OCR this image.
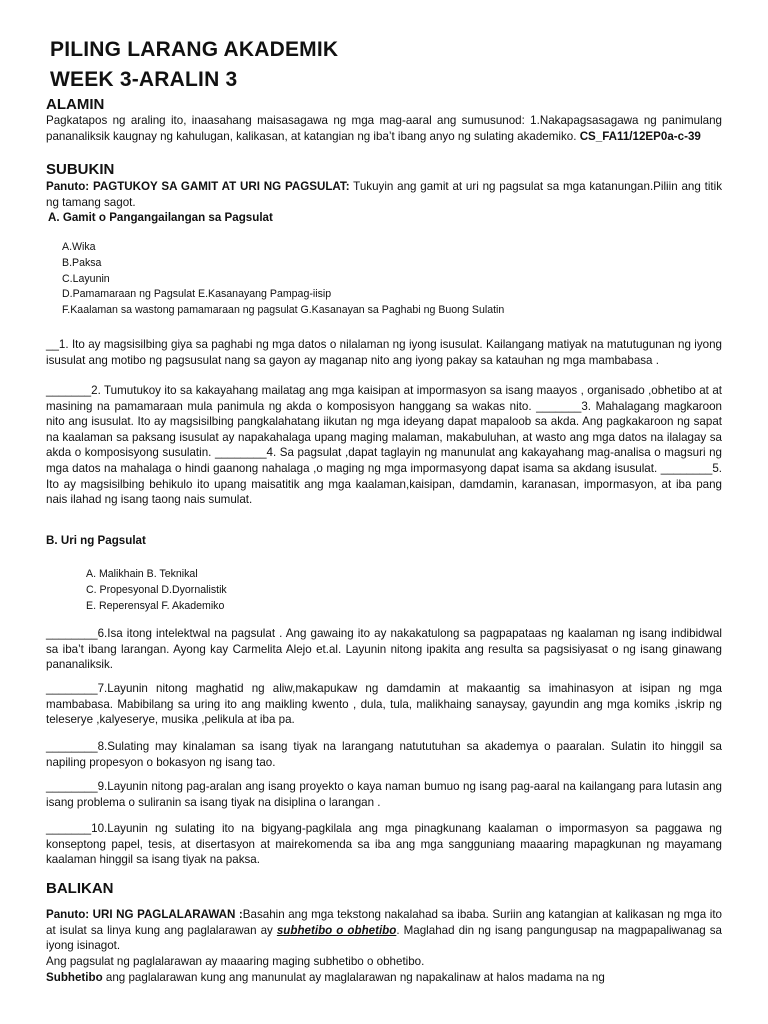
PILING LARANG AKADEMIK
WEEK 3-ARALIN 3
ALAMIN
Pagkatapos ng araling ito, inaasahang maisasagawa ng mga mag-aaral ang sumusunod: 1.Nakapagsasagawa ng panimulang pananaliksik kaugnay ng kahulugan, kalikasan, at katangian ng iba’t ibang anyo ng sulating akademiko. CS_FA11/12EP0a-c-39
SUBUKIN
Panuto: PAGTUKOY SA GAMIT AT URI NG PAGSULAT: Tukuyin ang gamit at uri ng pagsulat sa mga katanungan.Piliin ang titik ng tamang sagot.
A. Gamit o Pangangailangan sa Pagsulat
A.Wika
B.Paksa
C.Layunin
D.Pamamaraan ng Pagsulat E.Kasanayang Pampag-iisip
F.Kaalaman sa wastong pamamaraan ng pagsulat G.Kasanayan sa Paghabi ng Buong Sulatin
__1. Ito ay magsisilbing giya sa paghabi ng mga datos o nilalaman ng iyong isusulat. Kailangang matiyak na matutugunan ng iyong isusulat ang motibo ng pagsusulat nang sa gayon ay maganap nito ang iyong pakay sa katauhan ng mga mambabasa .
_______2. Tumutukoy ito sa kakayahang mailatag ang mga kaisipan at impormasyon sa isang maayos , organisado ,obhetibo at at masining na pamamaraan mula panimula ng akda o komposisyon hanggang sa wakas nito. _______3. Mahalagang magkaroon nito ang isusulat. Ito ay magsisilbing pangkalahatang iikutan ng mga ideyang dapat mapaloob sa akda. Ang pagkakaroon ng sapat na kaalaman sa paksang isusulat ay napakahalaga upang maging malaman, makabuluhan, at wasto ang mga datos na ilalagay sa akda o komposisyong susulatin. ________4. Sa pagsulat ,dapat taglayin ng manunulat ang kakayahang mag-analisa o magsuri ng mga datos na mahalaga o hindi gaanong nahalaga ,o maging ng mga impormasyong dapat isama sa akdang isusulat. ________5. Ito ay magsisilbing behikulo ito upang maisatitik ang mga kaalaman,kaisipan, damdamin, karanasan, impormasyon, at iba pang nais ilahad ng isang taong nais sumulat.
B. Uri ng Pagsulat
A. Malikhain B. Teknikal
C. Propesyonal D.Dyornalistik
E. Reperensyal F. Akademiko
________6.Isa itong intelektwal na pagsulat . Ang gawaing ito ay nakakatulong sa pagpapataas ng kaalaman ng isang indibidwal sa iba’t ibang larangan. Ayong kay Carmelita Alejo et.al. Layunin nitong ipakita ang resulta sa pagsisiyasat o ng isang ginawang pananaliksik.
________7.Layunin nitong maghatid ng aliw,makapukaw ng damdamin at makaantig sa imahinasyon at isipan ng mga mambabasa. Mabibilang sa uring ito ang maikling kwento , dula, tula, malikhaing sanaysay, gayundin ang mga komiks ,iskrip ng teleserye ,kalyeserye, musika ,pelikula at iba pa.
________8.Sulating may kinalaman sa isang tiyak na larangang natututuhan sa akademya o paaralan. Sulatin ito hinggil sa napiling propesyon o bokasyon ng isang tao.
________9.Layunin nitong pag-aralan ang isang proyekto o kaya naman bumuo ng isang pag-aaral na kailangang para lutasin ang isang problema o suliranin sa isang tiyak na disiplina o larangan .
_______10.Layunin ng sulating ito na bigyang-pagkilala ang mga pinagkunang kaalaman o impormasyon sa paggawa ng konseptong papel, tesis, at disertasyon at mairekomenda sa iba ang mga sangguniang maaaring mapagkunan ng mayamang kaalaman hinggil sa isang tiyak na paksa.
BALIKAN
Panuto: URI NG PAGLALARAWAN :Basahin ang mga tekstong nakalahad sa ibaba. Suriin ang katangian at kalikasan ng mga ito at isulat sa linya kung ang paglalarawan ay subhetibo o obhetibo. Maglahad din ng isang pangungusap na magpapaliwanag sa iyong isinagot.
Ang pagsulat ng paglalarawan ay maaaring maging subhetibo o obhetibo.
Subhetibo ang paglalarawan kung ang manunulat ay maglalarawan ng napakalinaw at halos madama na ng
